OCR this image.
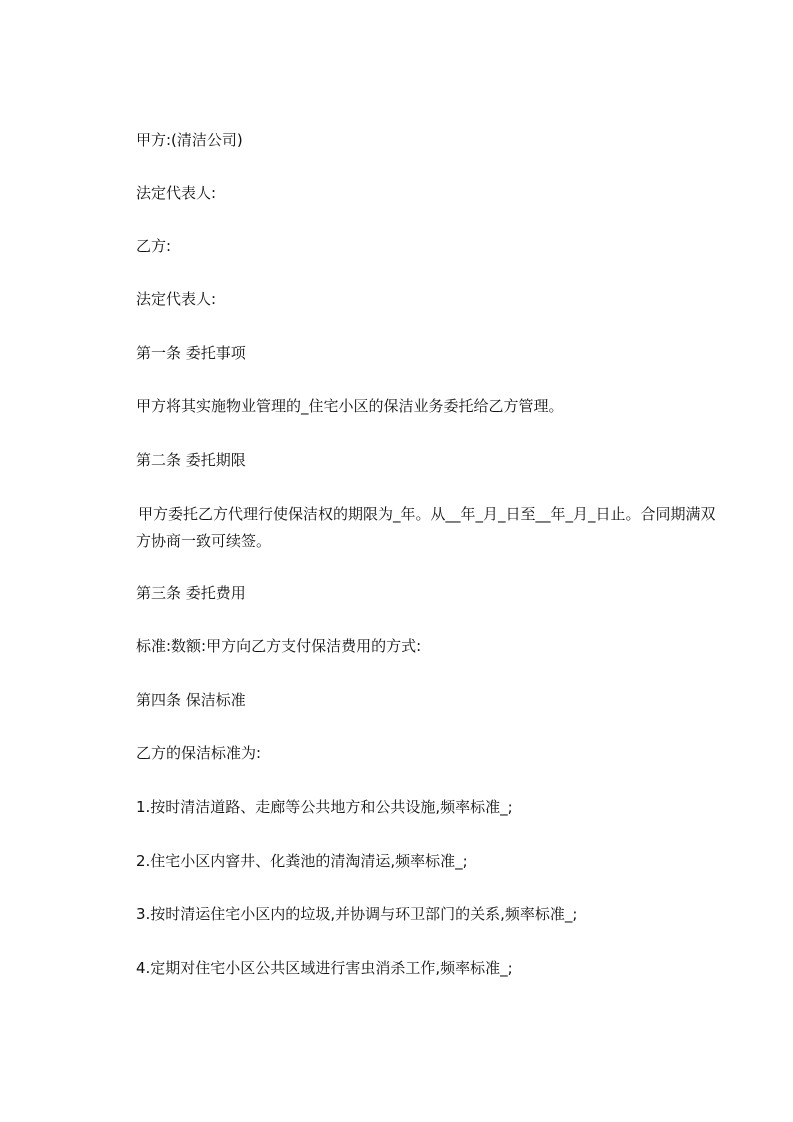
甲方:(清洁公司)

法定代表人:

乙方:

法定代表人:

第一条 委托事项

甲方将其实施物业管理的_住宅小区的保洁业务委托给乙方管理。

第二条 委托期限

甲方委托乙方代理行使保洁权的期限为_年。从__年_月_日至__年_月_日止。合同期满双方协商一致可续签。

第三条 委托费用

标准:数额:甲方向乙方支付保洁费用的方式:

第四条 保洁标准

乙方的保洁标准为:

1.按时清洁道路、走廊等公共地方和公共设施,频率标准_;

2.住宅小区内窨井、化粪池的清淘清运,频率标准_;

3.按时清运住宅小区内的垃圾,并协调与环卫部门的关系,频率标准_;

4.定期对住宅小区公共区域进行害虫消杀工作,频率标准_;
